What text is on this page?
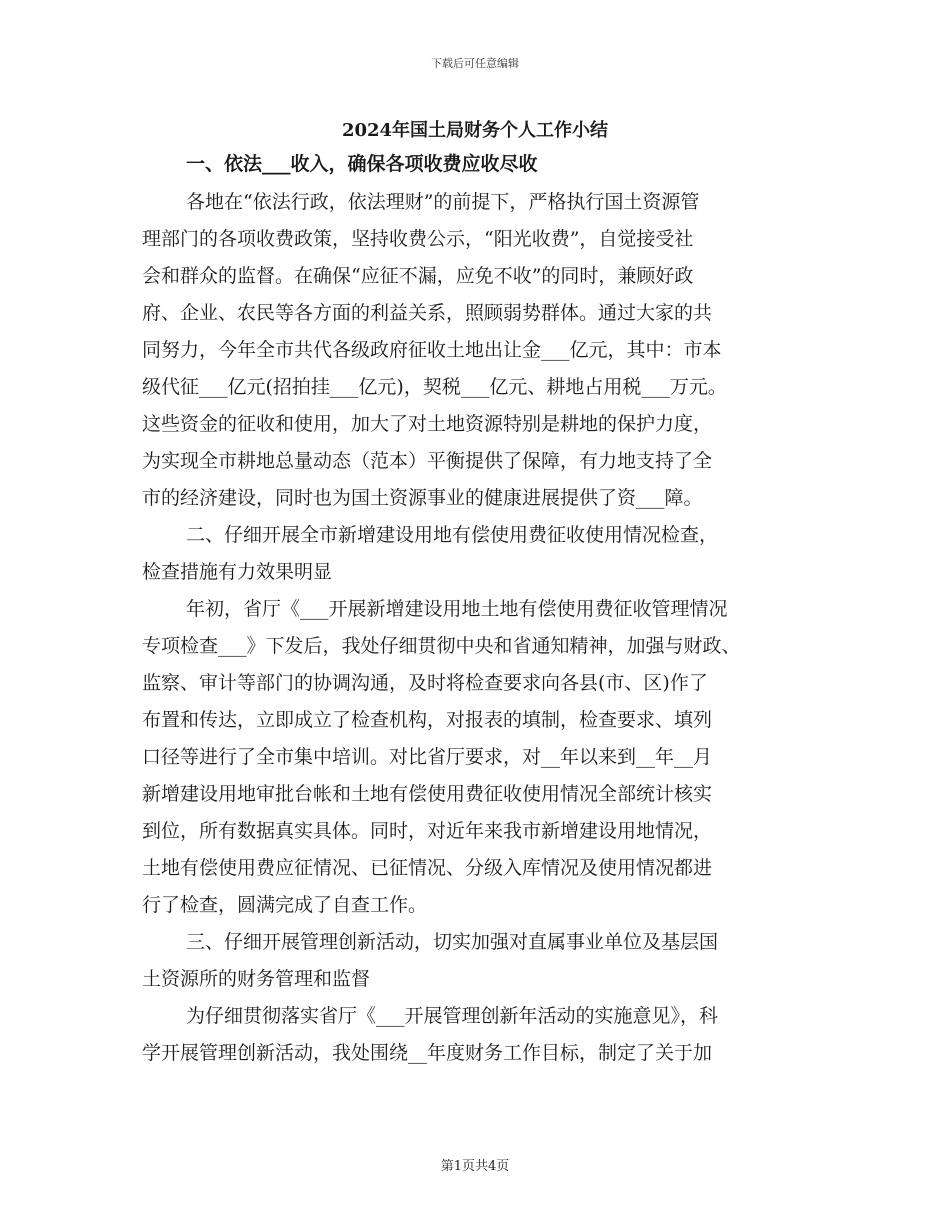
下载后可任意编辑
2024年国土局财务个人工作小结
一、依法___收入，确保各项收费应收尽收
各地在“依法行政，依法理财”的前提下，严格执行国土资源管
理部门的各项收费政策，坚持收费公示，“阳光收费”，自觉接受社
会和群众的监督。在确保“应征不漏，应免不收”的同时，兼顾好政
府、企业、农民等各方面的利益关系，照顾弱势群体。通过大家的共
同努力，今年全市共代各级政府征收土地出让金___亿元，其中：市本
级代征___亿元(招拍挂___亿元)，契税___亿元、耕地占用税___万元。
这些资金的征收和使用，加大了对土地资源特别是耕地的保护力度，
为实现全市耕地总量动态（范本）平衡提供了保障，有力地支持了全
市的经济建设，同时也为国土资源事业的健康进展提供了资___障。
二、仔细开展全市新增建设用地有偿使用费征收使用情况检查，
检查措施有力效果明显
年初，省厅《___开展新增建设用地土地有偿使用费征收管理情况
专项检查___》下发后，我处仔细贯彻中央和省通知精神，加强与财政、
监察、审计等部门的协调沟通，及时将检查要求向各县(市、区)作了
布置和传达，立即成立了检查机构，对报表的填制，检查要求、填列
口径等进行了全市集中培训。对比省厅要求，对__年以来到__年__月
新增建设用地审批台帐和土地有偿使用费征收使用情况全部统计核实
到位，所有数据真实具体。同时，对近年来我市新增建设用地情况，
土地有偿使用费应征情况、已征情况、分级入库情况及使用情况都进
行了检查，圆满完成了自查工作。
三、仔细开展管理创新活动，切实加强对直属事业单位及基层国
土资源所的财务管理和监督
为仔细贯彻落实省厅《___开展管理创新年活动的实施意见》，科
学开展管理创新活动，我处围绕__年度财务工作目标，制定了关于加
第1页共4页
